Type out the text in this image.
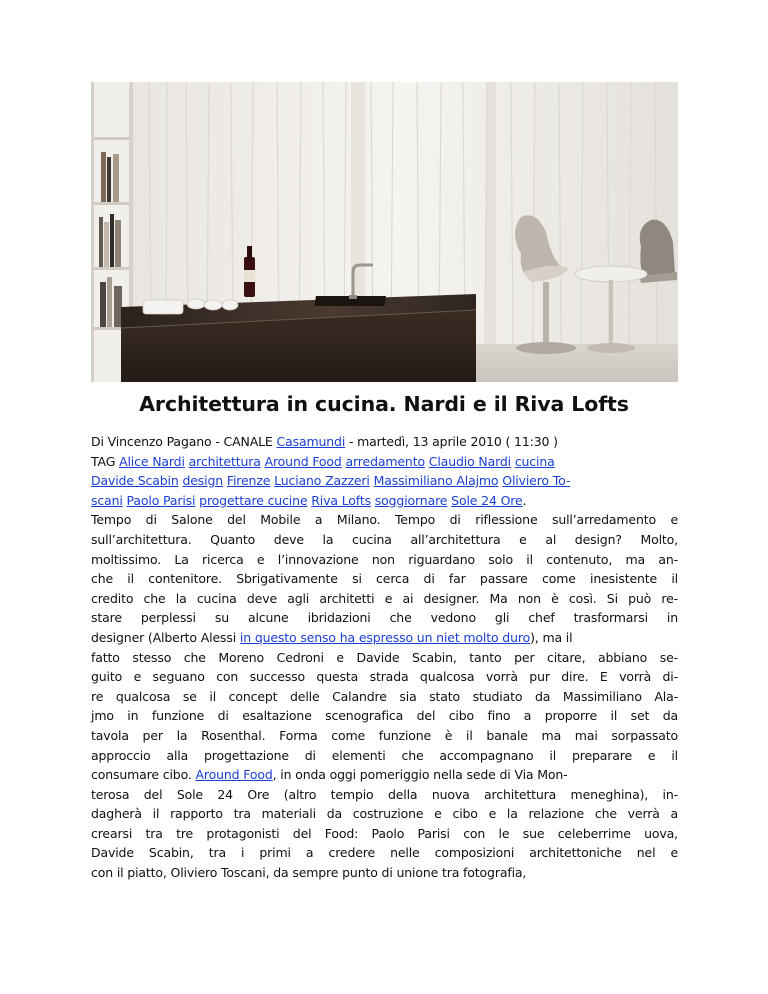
Architettura in cucina. Nardi e il Riva Lofts
Di Vincenzo Pagano - CANALE Casamundi - martedì, 13 aprile 2010 ( 11:30 )
TAG Alice Nardi architettura Around Food arredamento Claudio Nardi cucina
Davide Scabin design Firenze Luciano Zazzeri Massimiliano Alajmo Oliviero To-
scani Paolo Parisi progettare cucine Riva Lofts soggiornare Sole 24 Ore.

Tempo di Salone del Mobile a Milano. Tempo di riflessione sull’arredamento e
sull’architettura. Quanto deve la cucina all’architettura e al design? Molto,
moltissimo. La ricerca e l’innovazione non riguardano solo il contenuto, ma an-
che il contenitore. Sbrigativamente si cerca di far passare come inesistente il
credito che la cucina deve agli architetti e ai designer. Ma non è così. Si può re-
stare perplessi su alcune ibridazioni che vedono gli chef trasformarsi in
designer (Alberto Alessi in questo senso ha espresso un niet molto duro), ma il
fatto stesso che Moreno Cedroni e Davide Scabin, tanto per citare, abbiano se-
guito e seguano con successo questa strada qualcosa vorrà pur dire. E vorrà di-
re qualcosa se il concept delle Calandre sia stato studiato da Massimiliano Ala-
jmo in funzione di esaltazione scenografica del cibo fino a proporre il set da
tavola per la Rosenthal. Forma come funzione è il banale ma mai sorpassato
approccio alla progettazione di elementi che accompagnano il preparare e il
consumare cibo. Around Food, in onda oggi pomeriggio nella sede di Via Mon-
terosa del Sole 24 Ore (altro tempio della nuova architettura meneghina), in-
dagherà il rapporto tra materiali da costruzione e cibo e la relazione che verrà a
crearsi tra tre protagonisti del Food: Paolo Parisi con le sue celeberrime uova,
Davide Scabin, tra i primi a credere nelle composizioni architettoniche nel e
con il piatto, Oliviero Toscani, da sempre punto di unione tra fotografia,
